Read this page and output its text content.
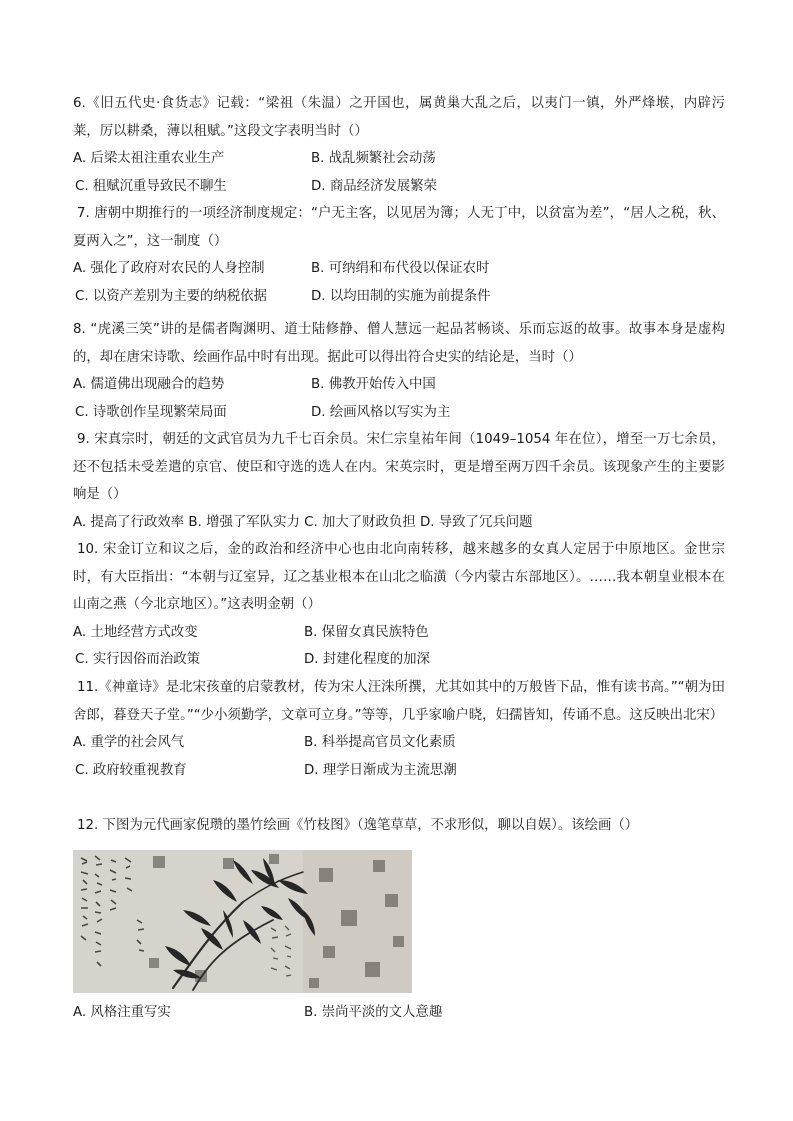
6.《旧五代史·食货志》记载：“梁祖（朱温）之开国也，属黄巢大乱之后，以夷门一镇，外严烽堠，内辟污莱，厉以耕桑，薄以租赋。”这段文字表明当时（）

A. 后梁太祖注重农业生产	B. 战乱频繁社会动荡
C. 租赋沉重导致民不聊生	D. 商品经济发展繁荣

7. 唐朝中期推行的一项经济制度规定：“户无主客，以见居为簿；人无丁中，以贫富为差”，“居人之税，秋、夏两入之”，这一制度（）

A. 强化了政府对农民的人身控制	B. 可纳绢和布代役以保证农时
C. 以资产差别为主要的纳税依据	D. 以均田制的实施为前提条件

8. “虎溪三笑”讲的是儒者陶渊明、道士陆修静、僧人慧远一起品茗畅谈、乐而忘返的故事。故事本身是虚构的，却在唐宋诗歌、绘画作品中时有出现。据此可以得出符合史实的结论是，当时（）

A. 儒道佛出现融合的趋势	B. 佛教开始传入中国
C. 诗歌创作呈现繁荣局面	D. 绘画风格以写实为主

9. 宋真宗时，朝廷的文武官员为九千七百余员。宋仁宗皇祐年间（1049–1054 年在位），增至一万七余员，还不包括未受差遣的京官、使臣和守选的选人在内。宋英宗时，更是增至两万四千余员。该现象产生的主要影响是（）

A. 提高了行政效率 B. 增强了军队实力 C. 加大了财政负担 D. 导致了冗兵问题

10. 宋金订立和议之后，金的政治和经济中心也由北向南转移，越来越多的女真人定居于中原地区。金世宗时，有大臣指出：“本朝与辽室异，辽之基业根本在山北之临潢（今内蒙古东部地区）。……我本朝皇业根本在山南之燕（今北京地区）。”这表明金朝（）

A. 土地经营方式改变	B. 保留女真民族特色
C. 实行因俗而治政策	D. 封建化程度的加深

11.《神童诗》是北宋孩童的启蒙教材，传为宋人汪洙所撰，尤其如其中的万般皆下品，惟有读书高。”“朝为田舍郎，暮登天子堂。”“少小须勤学，文章可立身。”等等，几乎家喻户晓，妇孺皆知，传诵不息。这反映出北宋）

A. 重学的社会风气	B. 科举提高官员文化素质
C. 政府较重视教育	D. 理学日渐成为主流思潮

12. 下图为元代画家倪瓒的墨竹绘画《竹枝图》（逸笔草草，不求形似，聊以自娱）。该绘画（）

A. 风格注重写实	B. 崇尚平淡的文人意趣
